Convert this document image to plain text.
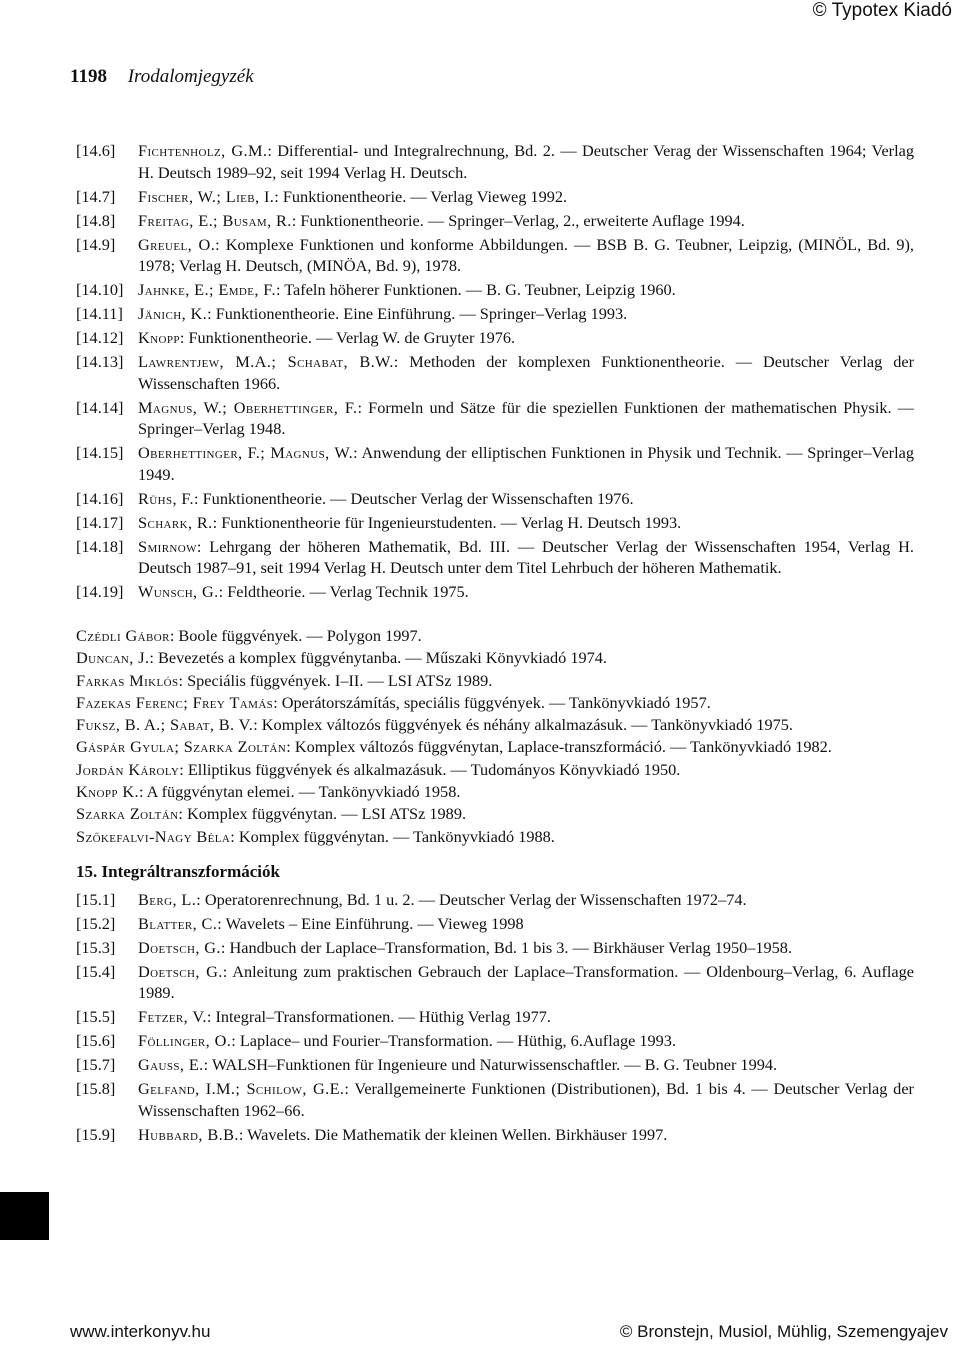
© Typotex Kiadó
1198 Irodalomjegyzék
[14.6] Fichtenholz, G.M.: Differential- und Integralrechnung, Bd. 2. — Deutscher Verag der Wissenschaften 1964; Verlag H. Deutsch 1989–92, seit 1994 Verlag H. Deutsch.
[14.7] Fischer, W.; Lieb, I.: Funktionentheorie. — Verlag Vieweg 1992.
[14.8] Freitag, E.; Busam, R.: Funktionentheorie. — Springer–Verlag, 2., erweiterte Auflage 1994.
[14.9] Greuel, O.: Komplexe Funktionen und konforme Abbildungen. — BSB B. G. Teubner, Leipzig, (MINÖL, Bd. 9), 1978; Verlag H. Deutsch, (MINÖA, Bd. 9), 1978.
[14.10] Jahnke, E.; Emde, F.: Tafeln höherer Funktionen. — B. G. Teubner, Leipzig 1960.
[14.11] Jänich, K.: Funktionentheorie. Eine Einführung. — Springer–Verlag 1993.
[14.12] Knopp: Funktionentheorie. — Verlag W. de Gruyter 1976.
[14.13] Lawrentjew, M.A.; Schabat, B.W.: Methoden der komplexen Funktionentheorie. — Deutscher Verlag der Wissenschaften 1966.
[14.14] Magnus, W.; Oberhettinger, F.: Formeln und Sätze für die speziellen Funktionen der mathematischen Physik. — Springer–Verlag 1948.
[14.15] Oberhettinger, F.; Magnus, W.: Anwendung der elliptischen Funktionen in Physik und Technik. — Springer–Verlag 1949.
[14.16] Rühs, F.: Funktionentheorie. — Deutscher Verlag der Wissenschaften 1976.
[14.17] Schark, R.: Funktionentheorie für Ingenieurstudenten. — Verlag H. Deutsch 1993.
[14.18] Smirnow: Lehrgang der höheren Mathematik, Bd. III. — Deutscher Verlag der Wissenschaften 1954, Verlag H. Deutsch 1987–91, seit 1994 Verlag H. Deutsch unter dem Titel Lehrbuch der höheren Mathematik.
[14.19] Wunsch, G.: Feldtheorie. — Verlag Technik 1975.
Czédli Gábor: Boole függvények. — Polygon 1997.
Duncan, J.: Bevezetés a komplex függvénytanba. — Műszaki Könyvkiadó 1974.
Farkas Miklós: Speciális függvények. I–II. — LSI ATSz 1989.
Fazekas Ferenc; Frey Tamás: Operátorszámítás, speciális függvények. — Tankönyvkiadó 1957.
Fuksz, B. A.; Sabat, B. V.: Komplex változós függvények és néhány alkalmazásuk. — Tankönyvkiadó 1975.
Gáspár Gyula; Szarka Zoltán: Komplex változós függvénytan, Laplace-transzformáció. — Tankönyvkiadó 1982.
Jordán Károly: Elliptikus függvények és alkalmazásuk. — Tudományos Könyvkiadó 1950.
Knopp K.: A függvénytan elemei. — Tankönyvkiadó 1958.
Szarka Zoltán: Komplex függvénytan. — LSI ATSz 1989.
Szőkefalvi-Nagy Béla: Komplex függvénytan. — Tankönyvkiadó 1988.
15. Integráltranszformációk
[15.1] Berg, L.: Operatorenrechnung, Bd. 1 u. 2. — Deutscher Verlag der Wissenschaften 1972–74.
[15.2] Blatter, C.: Wavelets – Eine Einführung. — Vieweg 1998
[15.3] Doetsch, G.: Handbuch der Laplace–Transformation, Bd. 1 bis 3. — Birkhäuser Verlag 1950–1958.
[15.4] Doetsch, G.: Anleitung zum praktischen Gebrauch der Laplace–Transformation. — Oldenbourg–Verlag, 6. Auflage 1989.
[15.5] Fetzer, V.: Integral–Transformationen. — Hüthig Verlag 1977.
[15.6] Föllinger, O.: Laplace– und Fourier–Transformation. — Hüthig, 6.Auflage 1993.
[15.7] Gauss, E.: WALSH–Funktionen für Ingenieure und Naturwissenschaftler. — B. G. Teubner 1994.
[15.8] Gelfand, I.M.; Schilow, G.E.: Verallgemeinerte Funktionen (Distributionen), Bd. 1 bis 4. — Deutscher Verlag der Wissenschaften 1962–66.
[15.9] Hubbard, B.B.: Wavelets. Die Mathematik der kleinen Wellen. Birkhäuser 1997.
www.interkonyv.hu	© Bronstejn, Musiol, Mühlig, Szemengyajev
